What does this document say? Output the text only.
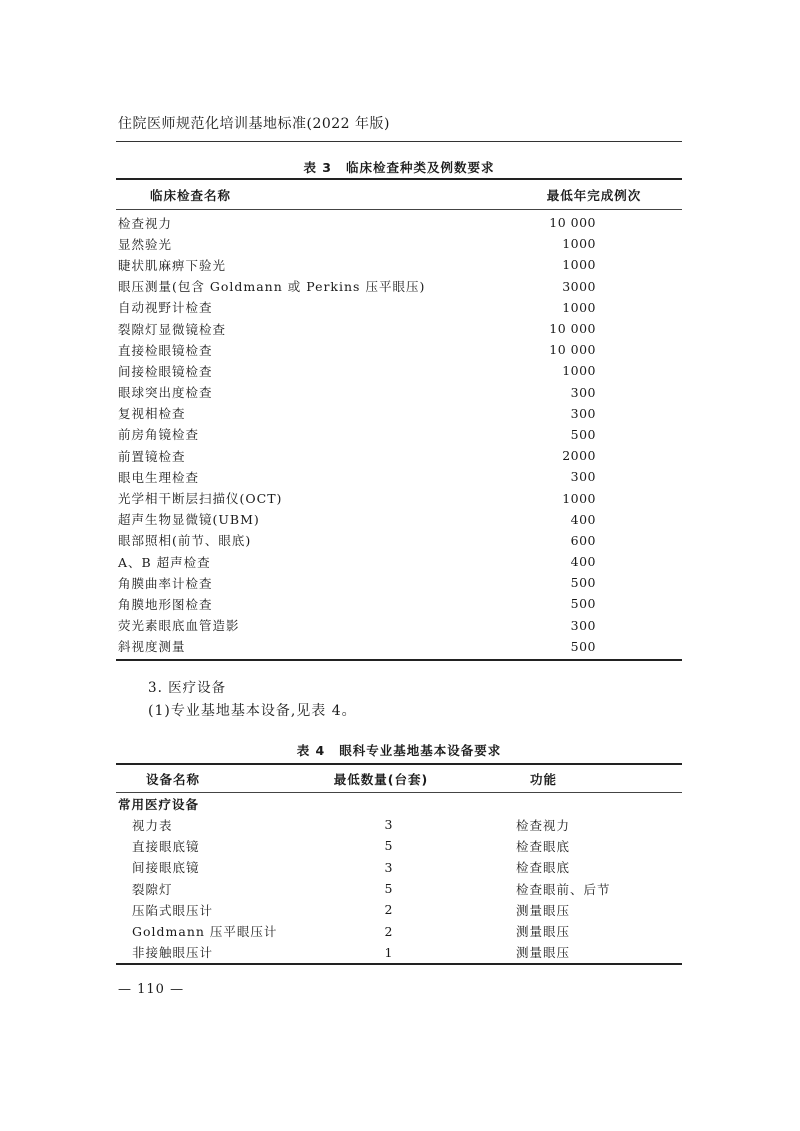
住院医师规范化培训基地标准(2022 年版)
表 3 临床检查种类及例数要求
临床检查名称	最低年完成例次
检查视力	10 000
显然验光	1000
睫状肌麻痹下验光	1000
眼压测量(包含 Goldmann 或 Perkins 压平眼压)	3000
自动视野计检查	1000
裂隙灯显微镜检查	10 000
直接检眼镜检查	10 000
间接检眼镜检查	1000
眼球突出度检查	300
复视相检查	300
前房角镜检查	500
前置镜检查	2000
眼电生理检查	300
光学相干断层扫描仪(OCT)	1000
超声生物显微镜(UBM)	400
眼部照相(前节、眼底)	600
A、B 超声检查	400
角膜曲率计检查	500
角膜地形图检查	500
荧光素眼底血管造影	300
斜视度测量	500
3. 医疗设备
(1)专业基地基本设备,见表 4。
表 4 眼科专业基地基本设备要求
设备名称	最低数量(台套)	功能
常用医疗设备
视力表	3	检查视力
直接眼底镜	5	检查眼底
间接眼底镜	3	检查眼底
裂隙灯	5	检查眼前、后节
压陷式眼压计	2	测量眼压
Goldmann 压平眼压计	2	测量眼压
非接触眼压计	1	测量眼压
— 110 —
